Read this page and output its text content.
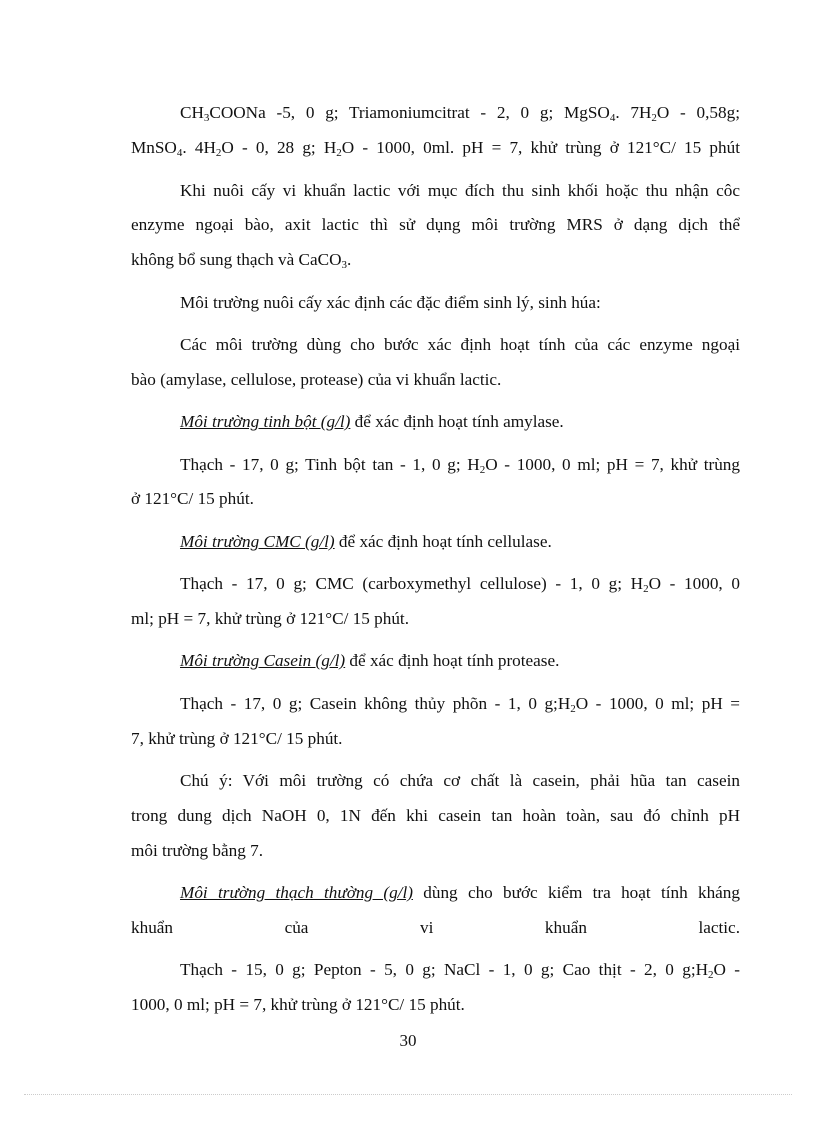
$CH_3COONa$ -5, 0 g; Triamoniumcitrat - 2, 0 g; MgSO$_4$. $7H_2O - 0,58g$;
MnSO$_4$. $4H_2O - 0$, 28 g; $H_2O - 1000$, 0ml. pH = 7, khử trùng ở 121°C/ 15 phút
Khi nuôi cấy vi khuẩn lactic với mục đích thu sinh khối hoặc thu nhận côc
enzyme ngoại bào, axit lactic thì sử dụng môi trường MRS ở dạng dịch thể
không bổ sung thạch và CaCO$_3$.
Môi trường nuôi cấy xác định các đặc điểm sinh lý, sinh húa:
Các môi trường dùng cho bước xác định hoạt tính của các enzyme ngoại
bào (amylase, cellulose, protease) của vi khuẩn lactic.
Môi trường tinh bột (g/l) để xác định hoạt tính amylase.
Thạch - 17, 0 g; Tinh bột tan - 1, 0 g; $H_2O - 1000$, 0 ml; pH = 7, khử trùng
ở 121°C/ 15 phút.
Môi trường CMC (g/l) để xác định hoạt tính cellulase.
Thạch - 17, 0 g; CMC (carboxymethyl cellulose) - 1, 0 g; $H_2O - 1000$, 0
ml; pH = 7, khử trùng ở 121°C/ 15 phút.
Môi trường Casein (g/l) để xác định hoạt tính protease.
Thạch - 17, 0 g; Casein không thủy phõn - 1, 0 $g;H_2O - 1000$, 0 ml; pH =
7, khử trùng ở 121°C/ 15 phút.
Chú ý: Với môi trường có chứa cơ chất là casein, phải hũa tan casein
trong dung dịch NaOH 0, 1N đến khi casein tan hoàn toàn, sau đó chỉnh pH
môi trường bằng 7.
Môi trường thạch thường (g/l) dùng cho bước kiểm tra hoạt tính kháng
khuẩn của vi khuẩn lactic.
Thạch - 15, 0 g; Pepton - 5, 0 g; NaCl - 1, 0 g; Cao thịt - 2, 0 $g;H_2O$ -
1000, 0 ml; pH = 7, khử trùng ở 121°C/ 15 phút.
30
